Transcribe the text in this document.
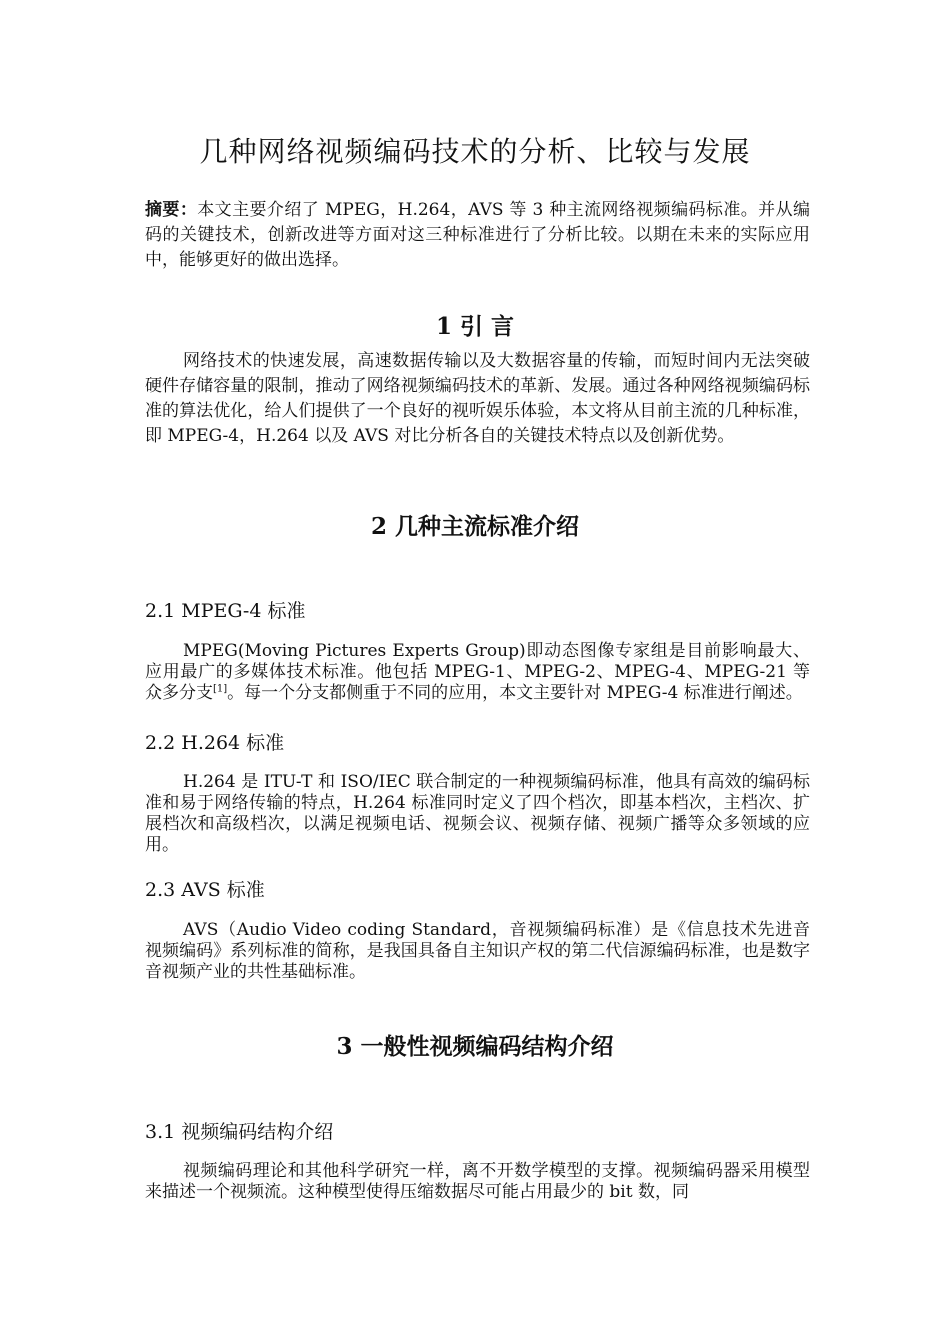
几种网络视频编码技术的分析、比较与发展

摘要：本文主要介绍了 MPEG，H.264，AVS 等 3 种主流网络视频编码标准。并从编码的关键技术，创新改进等方面对这三种标准进行了分析比较。以期在未来的实际应用中，能够更好的做出选择。

1 引 言

网络技术的快速发展，高速数据传输以及大数据容量的传输，而短时间内无法突破硬件存储容量的限制，推动了网络视频编码技术的革新、发展。通过各种网络视频编码标准的算法优化，给人们提供了一个良好的视听娱乐体验，本文将从目前主流的几种标准，即 MPEG-4，H.264 以及 AVS 对比分析各自的关键技术特点以及创新优势。

2 几种主流标准介绍
2.1 MPEG-4 标准

MPEG(Moving Pictures Experts Group)即动态图像专家组是目前影响最大、应用最广的多媒体技术标准。他包括 MPEG-1、MPEG-2、MPEG-4、MPEG-21 等众多分支[1]。每一个分支都侧重于不同的应用，本文主要针对 MPEG-4 标准进行阐述。

2.2 H.264 标准

H.264 是 ITU-T 和 ISO/IEC 联合制定的一种视频编码标准，他具有高效的编码标准和易于网络传输的特点，H.264 标准同时定义了四个档次，即基本档次，主档次、扩展档次和高级档次，以满足视频电话、视频会议、视频存储、视频广播等众多领域的应用。

2.3 AVS 标准

AVS（Audio Video coding Standard，音视频编码标准）是《信息技术先进音视频编码》系列标准的简称，是我国具备自主知识产权的第二代信源编码标准，也是数字音视频产业的共性基础标准。

3 一般性视频编码结构介绍
3.1 视频编码结构介绍

视频编码理论和其他科学研究一样，离不开数学模型的支撑。视频编码器采用模型来描述一个视频流。这种模型使得压缩数据尽可能占用最少的 bit 数，同
